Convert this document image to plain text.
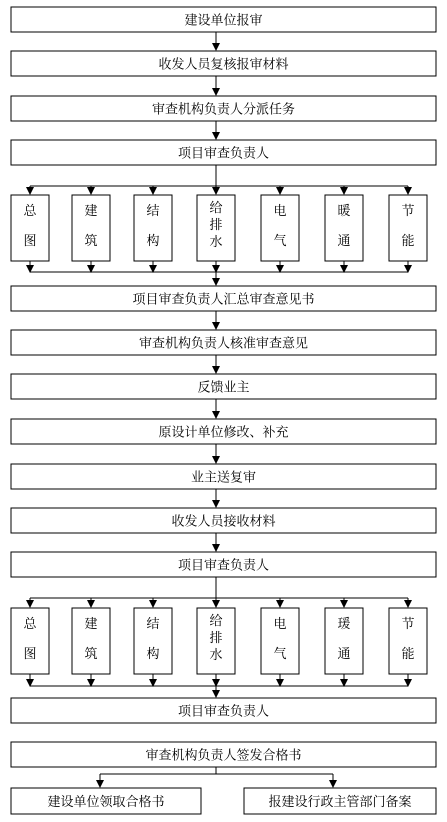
建设单位报审
收发人员复核报审材料
审查机构负责人分派任务
项目审查负责人
项目审查负责人汇总审查意见书
审查机构负责人核准审查意见
反馈业主
原设计单位修改、补充
业主送复审
收发人员接收材料
项目审查负责人
项目审查负责人
审查机构负责人签发合格书
总图
建筑
结构
给排水
电气
暖通
节能
总图
建筑
结构
给排水
电气
瑗通
节能
建设单位领取合格书	报建设行政主管部门备案
